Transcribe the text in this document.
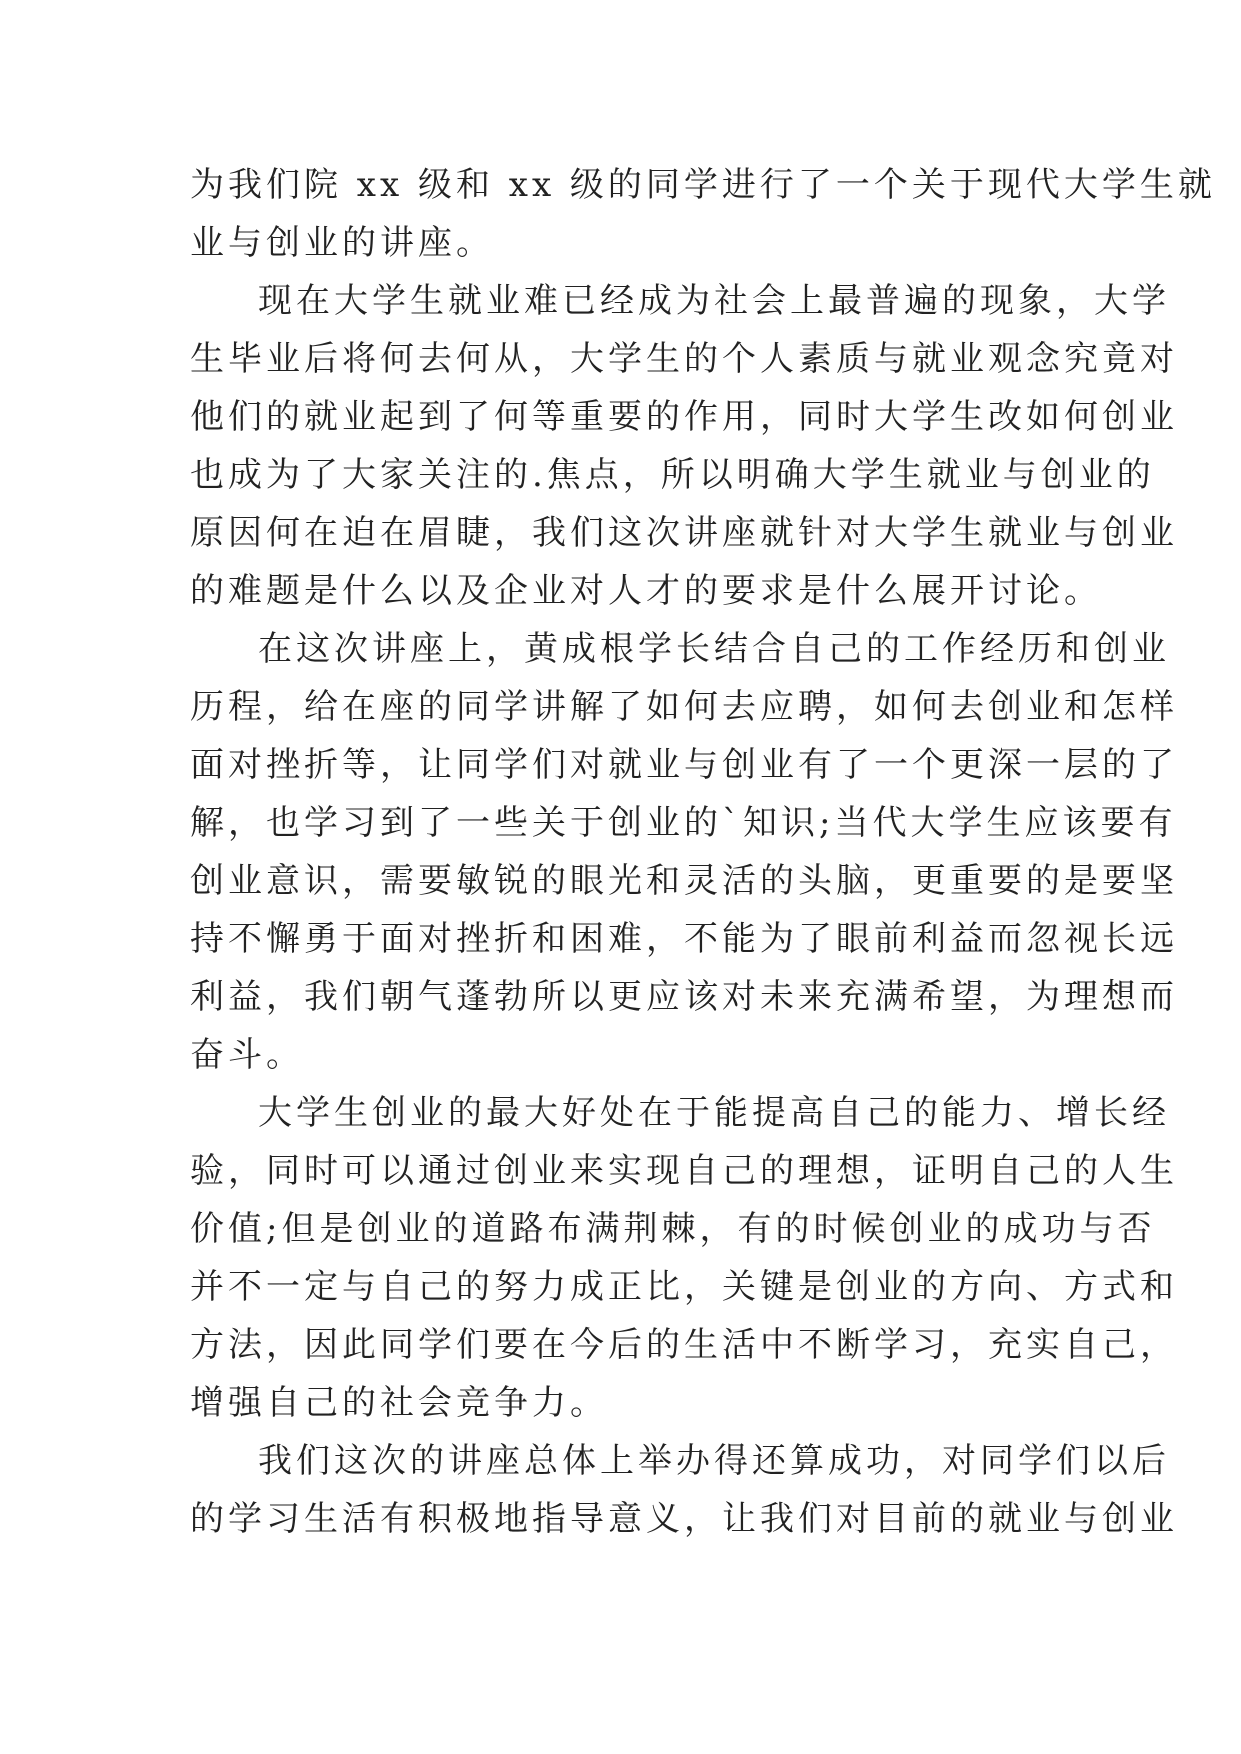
为我们院 xx 级和 xx 级的同学进行了一个关于现代大学生就
业与创业的讲座。
现在大学生就业难已经成为社会上最普遍的现象，大学
生毕业后将何去何从，大学生的个人素质与就业观念究竟对
他们的就业起到了何等重要的作用，同时大学生改如何创业
也成为了大家关注的.焦点，所以明确大学生就业与创业的
原因何在迫在眉睫，我们这次讲座就针对大学生就业与创业
的难题是什么以及企业对人才的要求是什么展开讨论。
在这次讲座上，黄成根学长结合自己的工作经历和创业
历程，给在座的同学讲解了如何去应聘，如何去创业和怎样
面对挫折等，让同学们对就业与创业有了一个更深一层的了
解，也学习到了一些关于创业的`知识;当代大学生应该要有
创业意识，需要敏锐的眼光和灵活的头脑，更重要的是要坚
持不懈勇于面对挫折和困难，不能为了眼前利益而忽视长远
利益，我们朝气蓬勃所以更应该对未来充满希望，为理想而
奋斗。
大学生创业的最大好处在于能提高自己的能力、增长经
验，同时可以通过创业来实现自己的理想，证明自己的人生
价值;但是创业的道路布满荆棘，有的时候创业的成功与否
并不一定与自己的努力成正比，关键是创业的方向、方式和
方法，因此同学们要在今后的生活中不断学习，充实自己，
增强自己的社会竞争力。
我们这次的讲座总体上举办得还算成功，对同学们以后
的学习生活有积极地指导意义，让我们对目前的就业与创业
